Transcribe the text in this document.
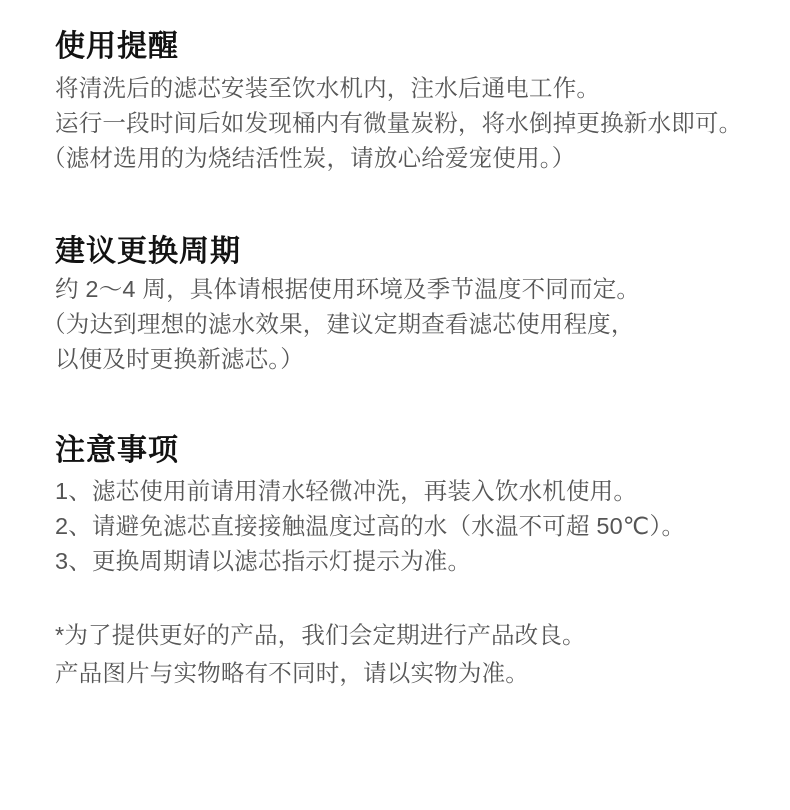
使用提醒
将清洗后的滤芯安装至饮水机内，注水后通电工作。
运行一段时间后如发现桶内有微量炭粉，将水倒掉更换新水即可。
（滤材选用的为烧结活性炭，请放心给爱宠使用。）
建议更换周期
约 2～4 周，具体请根据使用环境及季节温度不同而定。
（为达到理想的滤水效果，建议定期查看滤芯使用程度，
以便及时更换新滤芯。）
注意事项
1、滤芯使用前请用清水轻微冲洗，再装入饮水机使用。
2、请避免滤芯直接接触温度过高的水（水温不可超 50℃）。
3、更换周期请以滤芯指示灯提示为准。
*为了提供更好的产品，我们会定期进行产品改良。
产品图片与实物略有不同时，请以实物为准。
